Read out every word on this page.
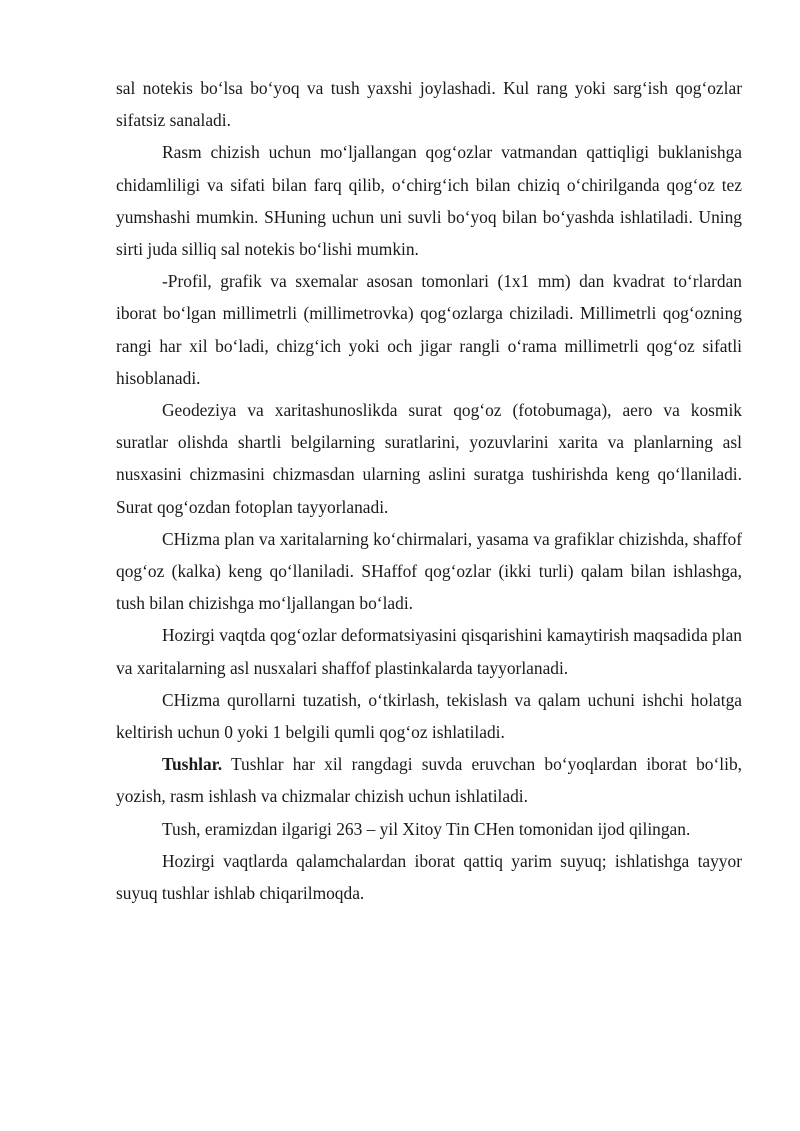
sal notekis bo‘lsa bo‘yoq va tush yaxshi joylashadi. Kul rang yoki sarg‘ish qog‘ozlar sifatsiz sanaladi.

Rasm chizish uchun mo‘ljallangan qog‘ozlar vatmandan qattiqligi buklanishga chidamliligi va sifati bilan farq qilib, o‘chirg‘ich bilan chiziq o‘chirilganda qog‘oz tez yumshashi mumkin. SHuning uchun uni suvli bo‘yoq bilan bo‘yashda ishlatiladi. Uning sirti juda silliq sal notekis bo‘lishi mumkin.

-Profil, grafik va sxemalar asosan tomonlari (1x1 mm) dan kvadrat to‘rlardan iborat bo‘lgan millimetrli (millimetrovka) qog‘ozlarga chiziladi. Millimetrli qog‘ozning rangi har xil bo‘ladi, chizg‘ich yoki och jigar rangli o‘rama millimetrli qog‘oz sifatli hisoblanadi.

Geodeziya va xaritashunoslikda surat qog‘oz (fotobumaga), aero va kosmik suratlar olishda shartli belgilarning suratlarini, yozuvlarini xarita va planlarning asl nusxasini chizmasini chizmasdan ularning aslini suratga tushirishda keng qo‘llaniladi. Surat qog‘ozdan fotoplan tayyorlanadi.

CHizma plan va xaritalarning ko‘chirmalari, yasama va grafiklar chizishda, shaffof qog‘oz (kalka) keng qo‘llaniladi. SHaffof qog‘ozlar (ikki turli) qalam bilan ishlashga, tush bilan chizishga mo‘ljallangan bo‘ladi.

Hozirgi vaqtda qog‘ozlar deformatsiyasini qisqarishini kamaytirish maqsadida plan va xaritalarning asl nusxalari shaffof plastinkalarda tayyorlanadi.

CHizma qurollarni tuzatish, o‘tkirlash, tekislash va qalam uchuni ishchi holatga keltirish uchun 0 yoki 1 belgili qumli qog‘oz ishlatiladi.

Tushlar. Tushlar har xil rangdagi suvda eruvchan bo‘yoqlardan iborat bo‘lib, yozish, rasm ishlash va chizmalar chizish uchun ishlatiladi.

Tush, eramizdan ilgarigi 263 – yil Xitoy Tin CHen tomonidan ijod qilingan.

Hozirgi vaqtlarda qalamchalardan iborat qattiq yarim suyuq; ishlatishga tayyor suyuq tushlar ishlab chiqarilmoqda.
